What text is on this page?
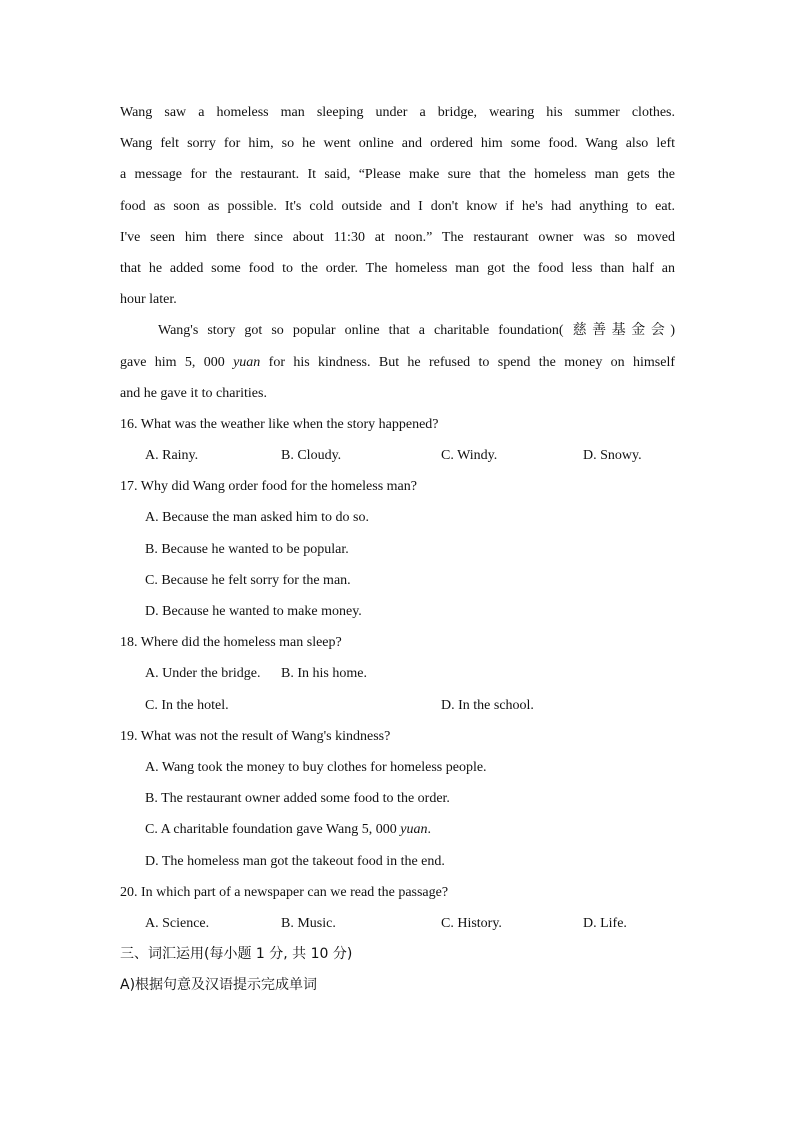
Wang saw a homeless man sleeping under a bridge, wearing his summer clothes.
Wang felt sorry for him, so he went online and ordered him some food. Wang also left
a message for the restaurant. It said, “Please make sure that the homeless man gets the
food as soon as possible. It's cold outside and I don't know if he's had anything to eat.
I've seen him there since about 11:30 at noon.” The restaurant owner was so moved
that he added some food to the order. The homeless man got the food less than half an
hour later.
Wang's story got so popular online that a charitable foundation( 慈善基金会)
gave him 5, 000 yuan for his kindness. But he refused to spend the money on himself
and he gave it to charities.
16. What was the weather like when the story happened?
A. Rainy.	B. Cloudy.	C. Windy.	D. Snowy.
17. Why did Wang order food for the homeless man?
A. Because the man asked him to do so.
B. Because he wanted to be popular.
C. Because he felt sorry for the man.
D. Because he wanted to make money.
18. Where did the homeless man sleep?
A. Under the bridge. B. In his home.
C. In the hotel.	D. In the school.
19. What was not the result of Wang's kindness?
A. Wang took the money to buy clothes for homeless people.
B. The restaurant owner added some food to the order.
C. A charitable foundation gave Wang 5, 000 yuan.
D. The homeless man got the takeout food in the end.
20. In which part of a newspaper can we read the passage?
A. Science.	B. Music.	C. History.	D. Life.
三、词汇运用(每小题 1 分, 共 10 分)
A)根据句意及汉语提示完成单词
